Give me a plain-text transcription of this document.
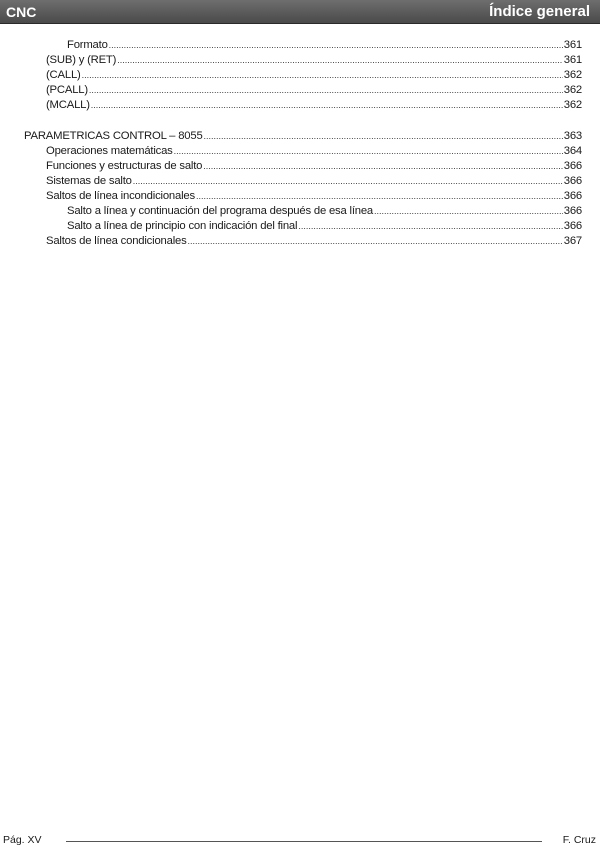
CNC	Índice general
Formato .....	361
(SUB) y (RET) .....	361
(CALL) .....	362
(PCALL) .....	362
(MCALL) .....	362
PARAMETRICAS CONTROL – 8055 .....	363
Operaciones matemáticas .....	364
Funciones y estructuras de salto .....	366
Sistemas de salto .....	366
Saltos de línea incondicionales .....	366
Salto a línea y continuación del programa después de esa línea .....	366
Salto a línea de principio con indicación del final .....	366
Saltos de línea condicionales .....	367
Pág. XV	F. Cruz
